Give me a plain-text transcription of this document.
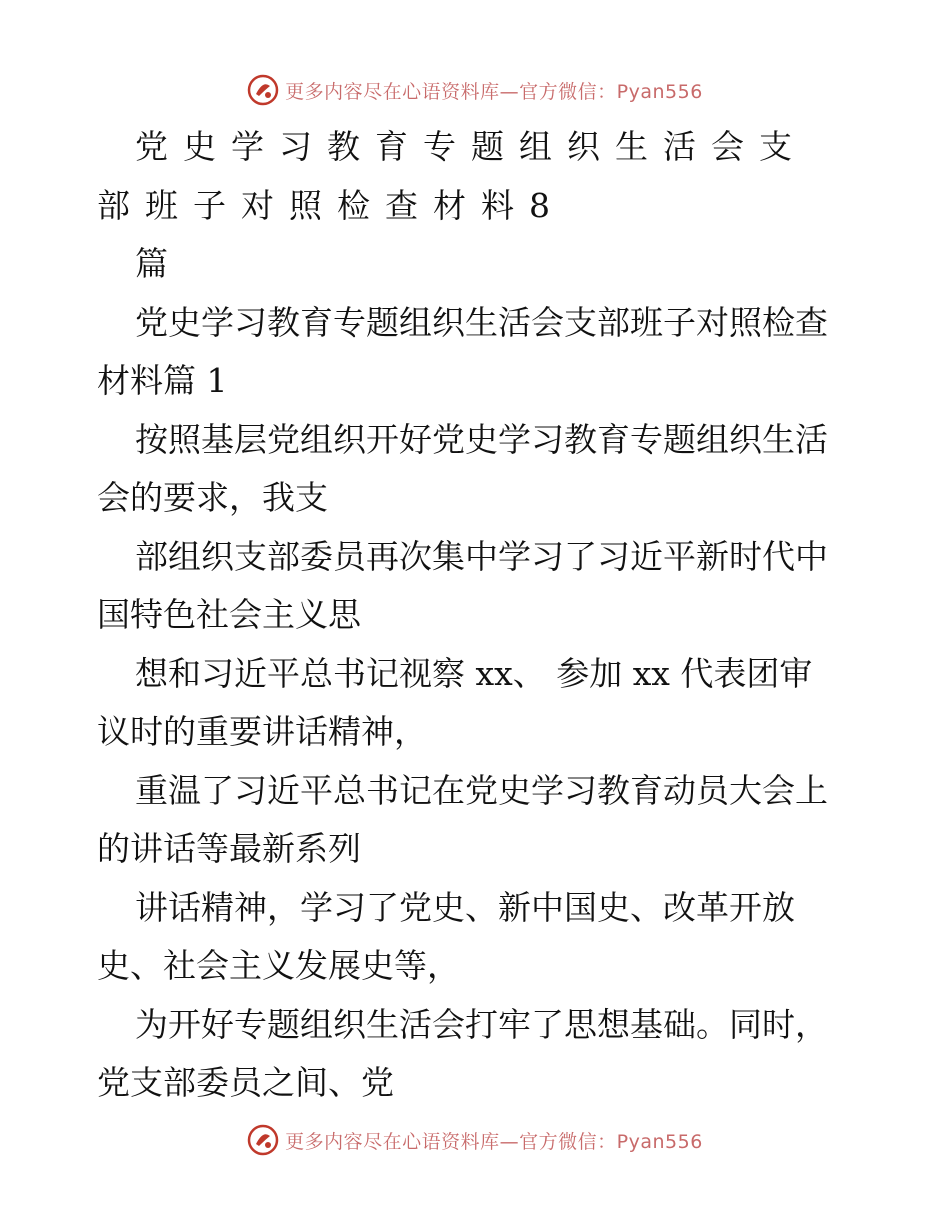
更多内容尽在心语资料库—官方微信：Pyan556
党史学习教育专题组织生活会支
部班子对照检查材料8
篇
党史学习教育专题组织生活会支部班子对照检查
材料篇 1
按照基层党组织开好党史学习教育专题组织生活
会的要求，我支
部组织支部委员再次集中学习了习近平新时代中
国特色社会主义思
想和习近平总书记视察 xx、 参加 xx 代表团审
议时的重要讲话精神，
重温了习近平总书记在党史学习教育动员大会上
的讲话等最新系列
讲话精神，学习了党史、新中国史、改革开放
史、社会主义发展史等，
为开好专题组织生活会打牢了思想基础。同时，
党支部委员之间、党
更多内容尽在心语资料库—官方微信：Pyan556
